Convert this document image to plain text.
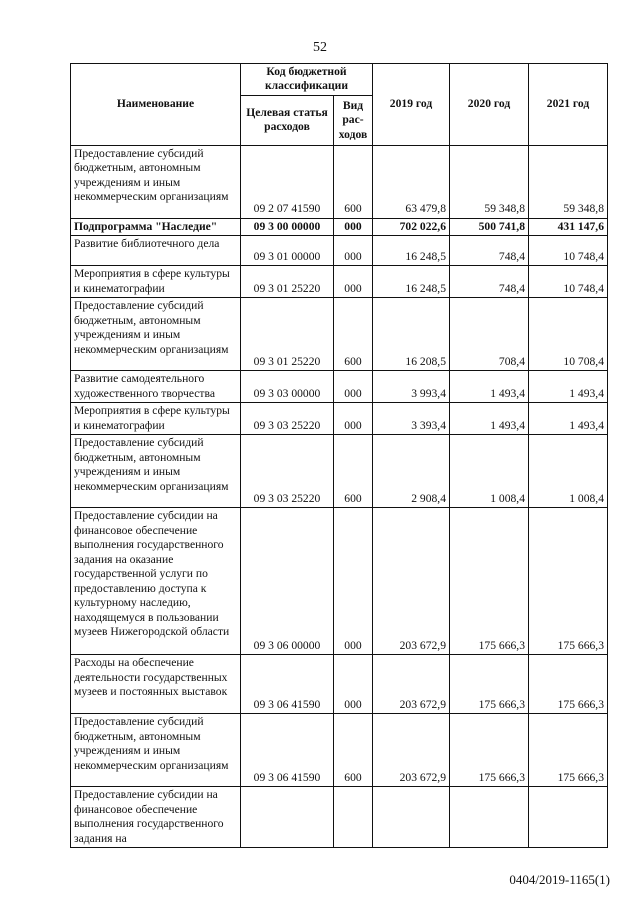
52
Наименование	Код бюджетной классификации		2019 год	2020 год	2021 год
	Целевая статья расходов	Вид рас-ходов			
Предоставление субсидий бюджетным, автономным учреждениям и иным некоммерческим организациям	09 2 07 41590	600	63 479,8	59 348,8	59 348,8
Подпрограмма "Наследие"	09 3 00 00000	000	702 022,6	500 741,8	431 147,6
Развитие библиотечного дела	09 3 01 00000	000	16 248,5	748,4	10 748,4
Мероприятия в сфере культуры и кинематографии	09 3 01 25220	000	16 248,5	748,4	10 748,4
Предоставление субсидий бюджетным, автономным учреждениям и иным некоммерческим организациям	09 3 01 25220	600	16 208,5	708,4	10 708,4
Развитие самодеятельного художественного творчества	09 3 03 00000	000	3 993,4	1 493,4	1 493,4
Мероприятия в сфере культуры и кинематографии	09 3 03 25220	000	3 393,4	1 493,4	1 493,4
Предоставление субсидий бюджетным, автономным учреждениям и иным некоммерческим организациям	09 3 03 25220	600	2 908,4	1 008,4	1 008,4
Предоставление субсидии на финансовое обеспечение выполнения государственного задания на оказание государственной услуги по предоставлению доступа к культурному наследию, находящемуся в пользовании музеев Нижегородской области	09 3 06 00000	000	203 672,9	175 666,3	175 666,3
Расходы на обеспечение деятельности государственных музеев и постоянных выставок	09 3 06 41590	000	203 672,9	175 666,3	175 666,3
Предоставление субсидий бюджетным, автономным учреждениям и иным некоммерческим организациям	09 3 06 41590	600	203 672,9	175 666,3	175 666,3
Предоставление субсидии на финансовое обеспечение выполнения государственного задания на					
0404/2019-1165(1)
